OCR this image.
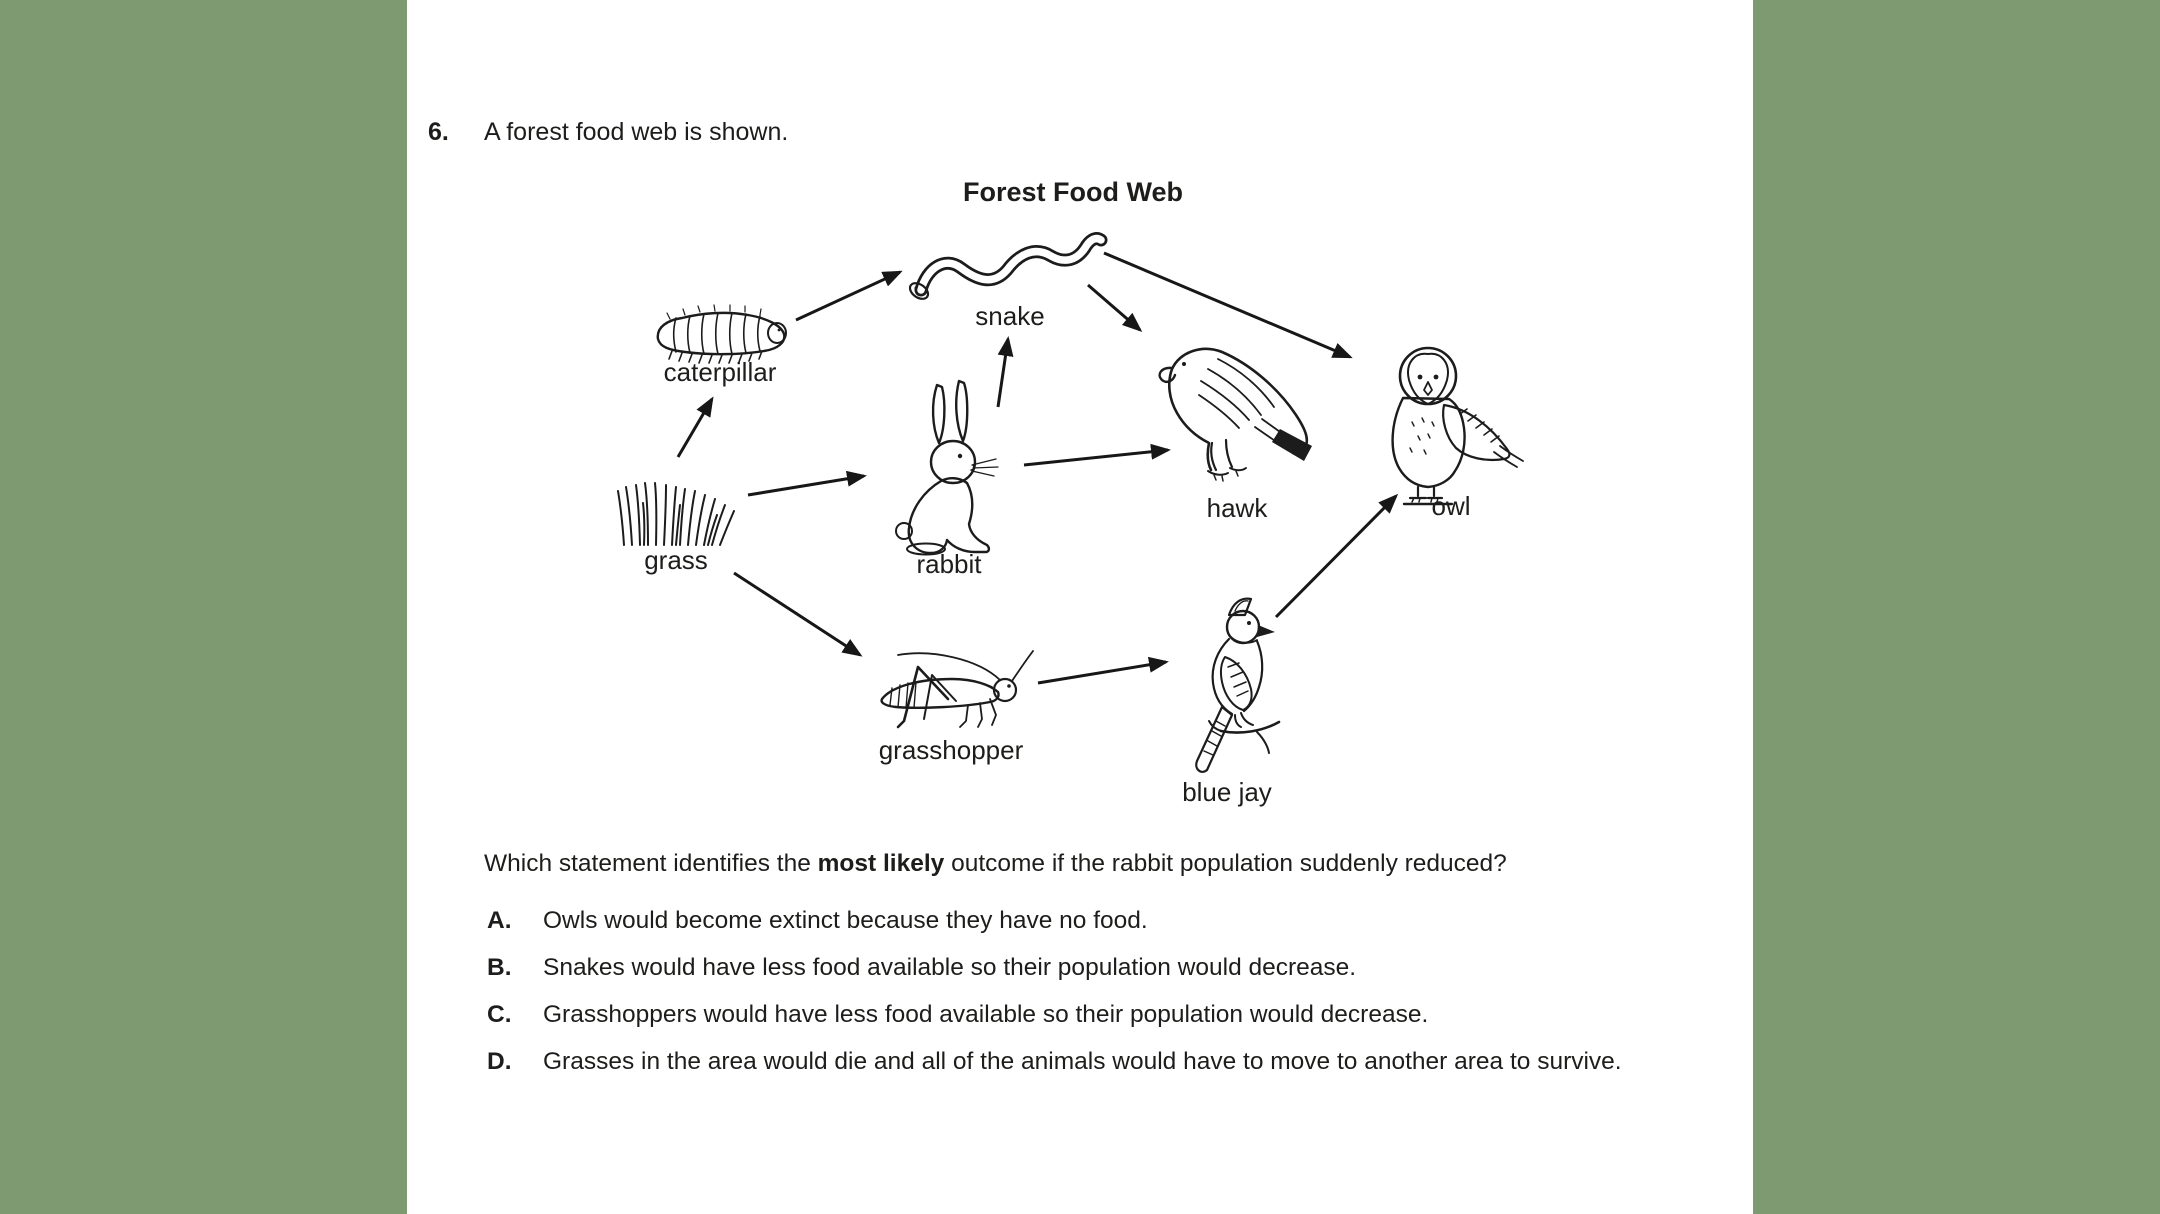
6.	A forest food web is shown.
Forest Food Web
snake
caterpillar
hawk	owl
rabbit
grass
grasshopper
blue jay
Which statement identifies the most likely outcome if the rabbit population suddenly reduced?
A.	Owls would become extinct because they have no food.
B.	Snakes would have less food available so their population would decrease.
C.	Grasshoppers would have less food available so their population would decrease.
D.	Grasses in the area would die and all of the animals would have to move to another area to survive.
